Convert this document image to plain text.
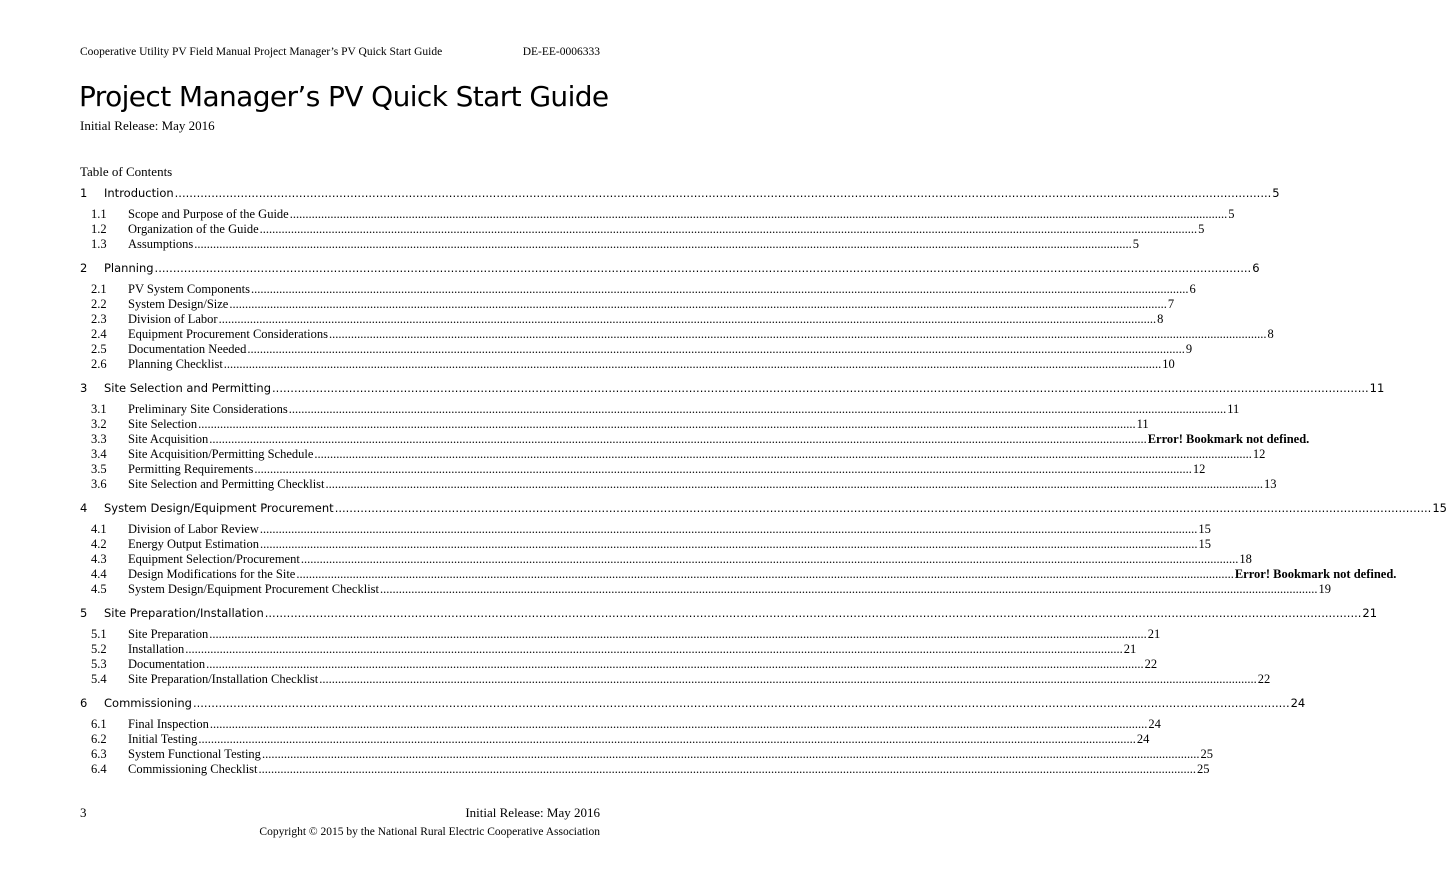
Cooperative Utility PV Field Manual Project Manager’s PV Quick Start Guide	DE-EE-0006333
Project Manager’s PV Quick Start Guide
Initial Release: May 2016
Table of Contents
1 Introduction ............................................................................................................................................................................................................................................................................................................ 5
1.1 Scope and Purpose of the Guide ............................................................................................................................................................................................................................................................................................................ 5
1.2 Organization of the Guide ............................................................................................................................................................................................................................................................................................................ 5
1.3 Assumptions ............................................................................................................................................................................................................................................................................................................ 5
2 Planning ............................................................................................................................................................................................................................................................................................................ 6
2.1 PV System Components ............................................................................................................................................................................................................................................................................................................ 6
2.2 System Design/Size ............................................................................................................................................................................................................................................................................................................ 7
2.3 Division of Labor ............................................................................................................................................................................................................................................................................................................ 8
2.4 Equipment Procurement Considerations ............................................................................................................................................................................................................................................................................................................ 8
2.5 Documentation Needed ............................................................................................................................................................................................................................................................................................................ 9
2.6 Planning Checklist ............................................................................................................................................................................................................................................................................................................ 10
3 Site Selection and Permitting ............................................................................................................................................................................................................................................................................................................ 11
3.1 Preliminary Site Considerations ............................................................................................................................................................................................................................................................................................................ 11
3.2 Site Selection ............................................................................................................................................................................................................................................................................................................ 11
3.3 Site Acquisition ............................................................................................................................................................................................................................................................................................................ Error! Bookmark not defined.
3.4 Site Acquisition/Permitting Schedule ............................................................................................................................................................................................................................................................................................................ 12
3.5 Permitting Requirements ............................................................................................................................................................................................................................................................................................................ 12
3.6 Site Selection and Permitting Checklist ............................................................................................................................................................................................................................................................................................................ 13
4 System Design/Equipment Procurement ............................................................................................................................................................................................................................................................................................................ 15
4.1 Division of Labor Review ............................................................................................................................................................................................................................................................................................................ 15
4.2 Energy Output Estimation ............................................................................................................................................................................................................................................................................................................ 15
4.3 Equipment Selection/Procurement ............................................................................................................................................................................................................................................................................................................ 18
4.4 Design Modifications for the Site ............................................................................................................................................................................................................................................................................................................ Error! Bookmark not defined.
4.5 System Design/Equipment Procurement Checklist ............................................................................................................................................................................................................................................................................................................ 19
5 Site Preparation/Installation ............................................................................................................................................................................................................................................................................................................ 21
5.1 Site Preparation ............................................................................................................................................................................................................................................................................................................ 21
5.2 Installation ............................................................................................................................................................................................................................................................................................................ 21
5.3 Documentation ............................................................................................................................................................................................................................................................................................................ 22
5.4 Site Preparation/Installation Checklist ............................................................................................................................................................................................................................................................................................................ 22
6 Commissioning ............................................................................................................................................................................................................................................................................................................ 24
6.1 Final Inspection ............................................................................................................................................................................................................................................................................................................ 24
6.2 Initial Testing ............................................................................................................................................................................................................................................................................................................ 24
6.3 System Functional Testing ............................................................................................................................................................................................................................................................................................................ 25
6.4 Commissioning Checklist ............................................................................................................................................................................................................................................................................................................ 25
3	Initial Release: May 2016
Copyright © 2015 by the National Rural Electric Cooperative Association
